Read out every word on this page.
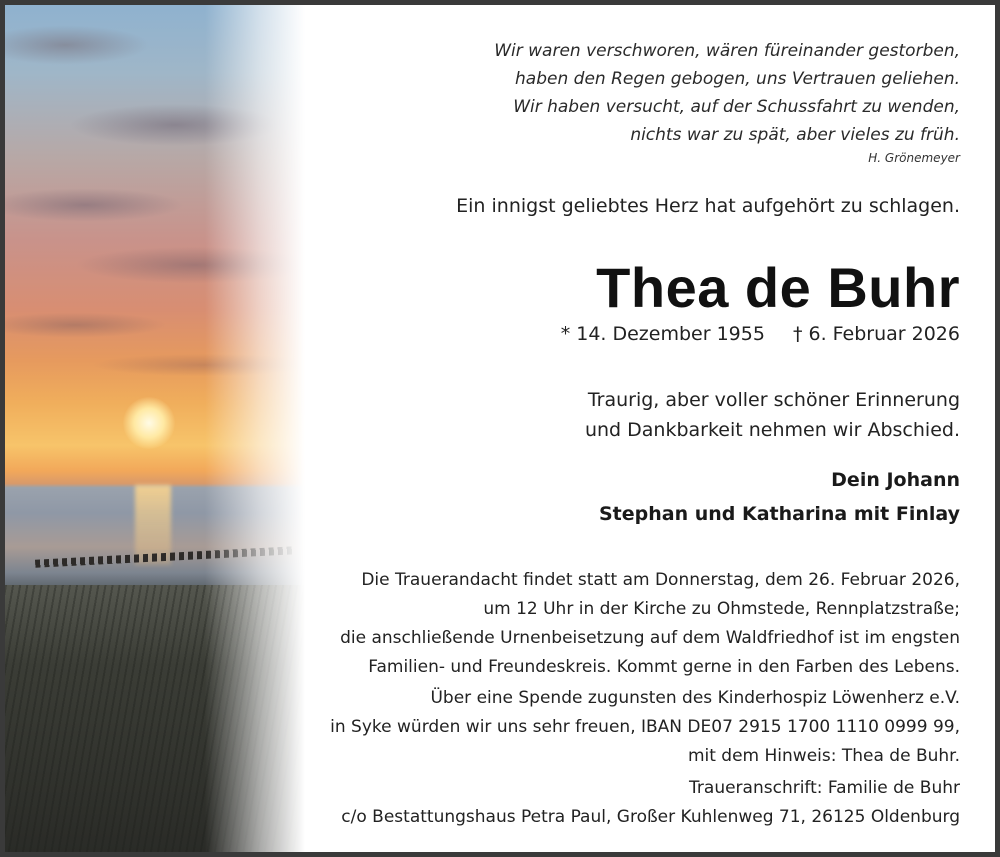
Wir waren verschworen, wären füreinander gestorben,
haben den Regen gebogen, uns Vertrauen geliehen.
Wir haben versucht, auf der Schussfahrt zu wenden,
nichts war zu spät, aber vieles zu früh.
H. Grönemeyer
Ein innigst geliebtes Herz hat aufgehört zu schlagen.
Thea de Buhr
* 14. Dezember 1955 † 6. Februar 2026
Traurig, aber voller schöner Erinnerung
und Dankbarkeit nehmen wir Abschied.
Dein Johann
Stephan und Katharina mit Finlay
Die Trauerandacht findet statt am Donnerstag, dem 26. Februar 2026,
um 12 Uhr in der Kirche zu Ohmstede, Rennplatzstraße;
die anschließende Urnenbeisetzung auf dem Waldfriedhof ist im engsten
Familien- und Freundeskreis. Kommt gerne in den Farben des Lebens.
Über eine Spende zugunsten des Kinderhospiz Löwenherz e.V.
in Syke würden wir uns sehr freuen, IBAN DE07 2915 1700 1110 0999 99,
mit dem Hinweis: Thea de Buhr.
Traueranschrift: Familie de Buhr
c/o Bestattungshaus Petra Paul, Großer Kuhlenweg 71, 26125 Oldenburg
